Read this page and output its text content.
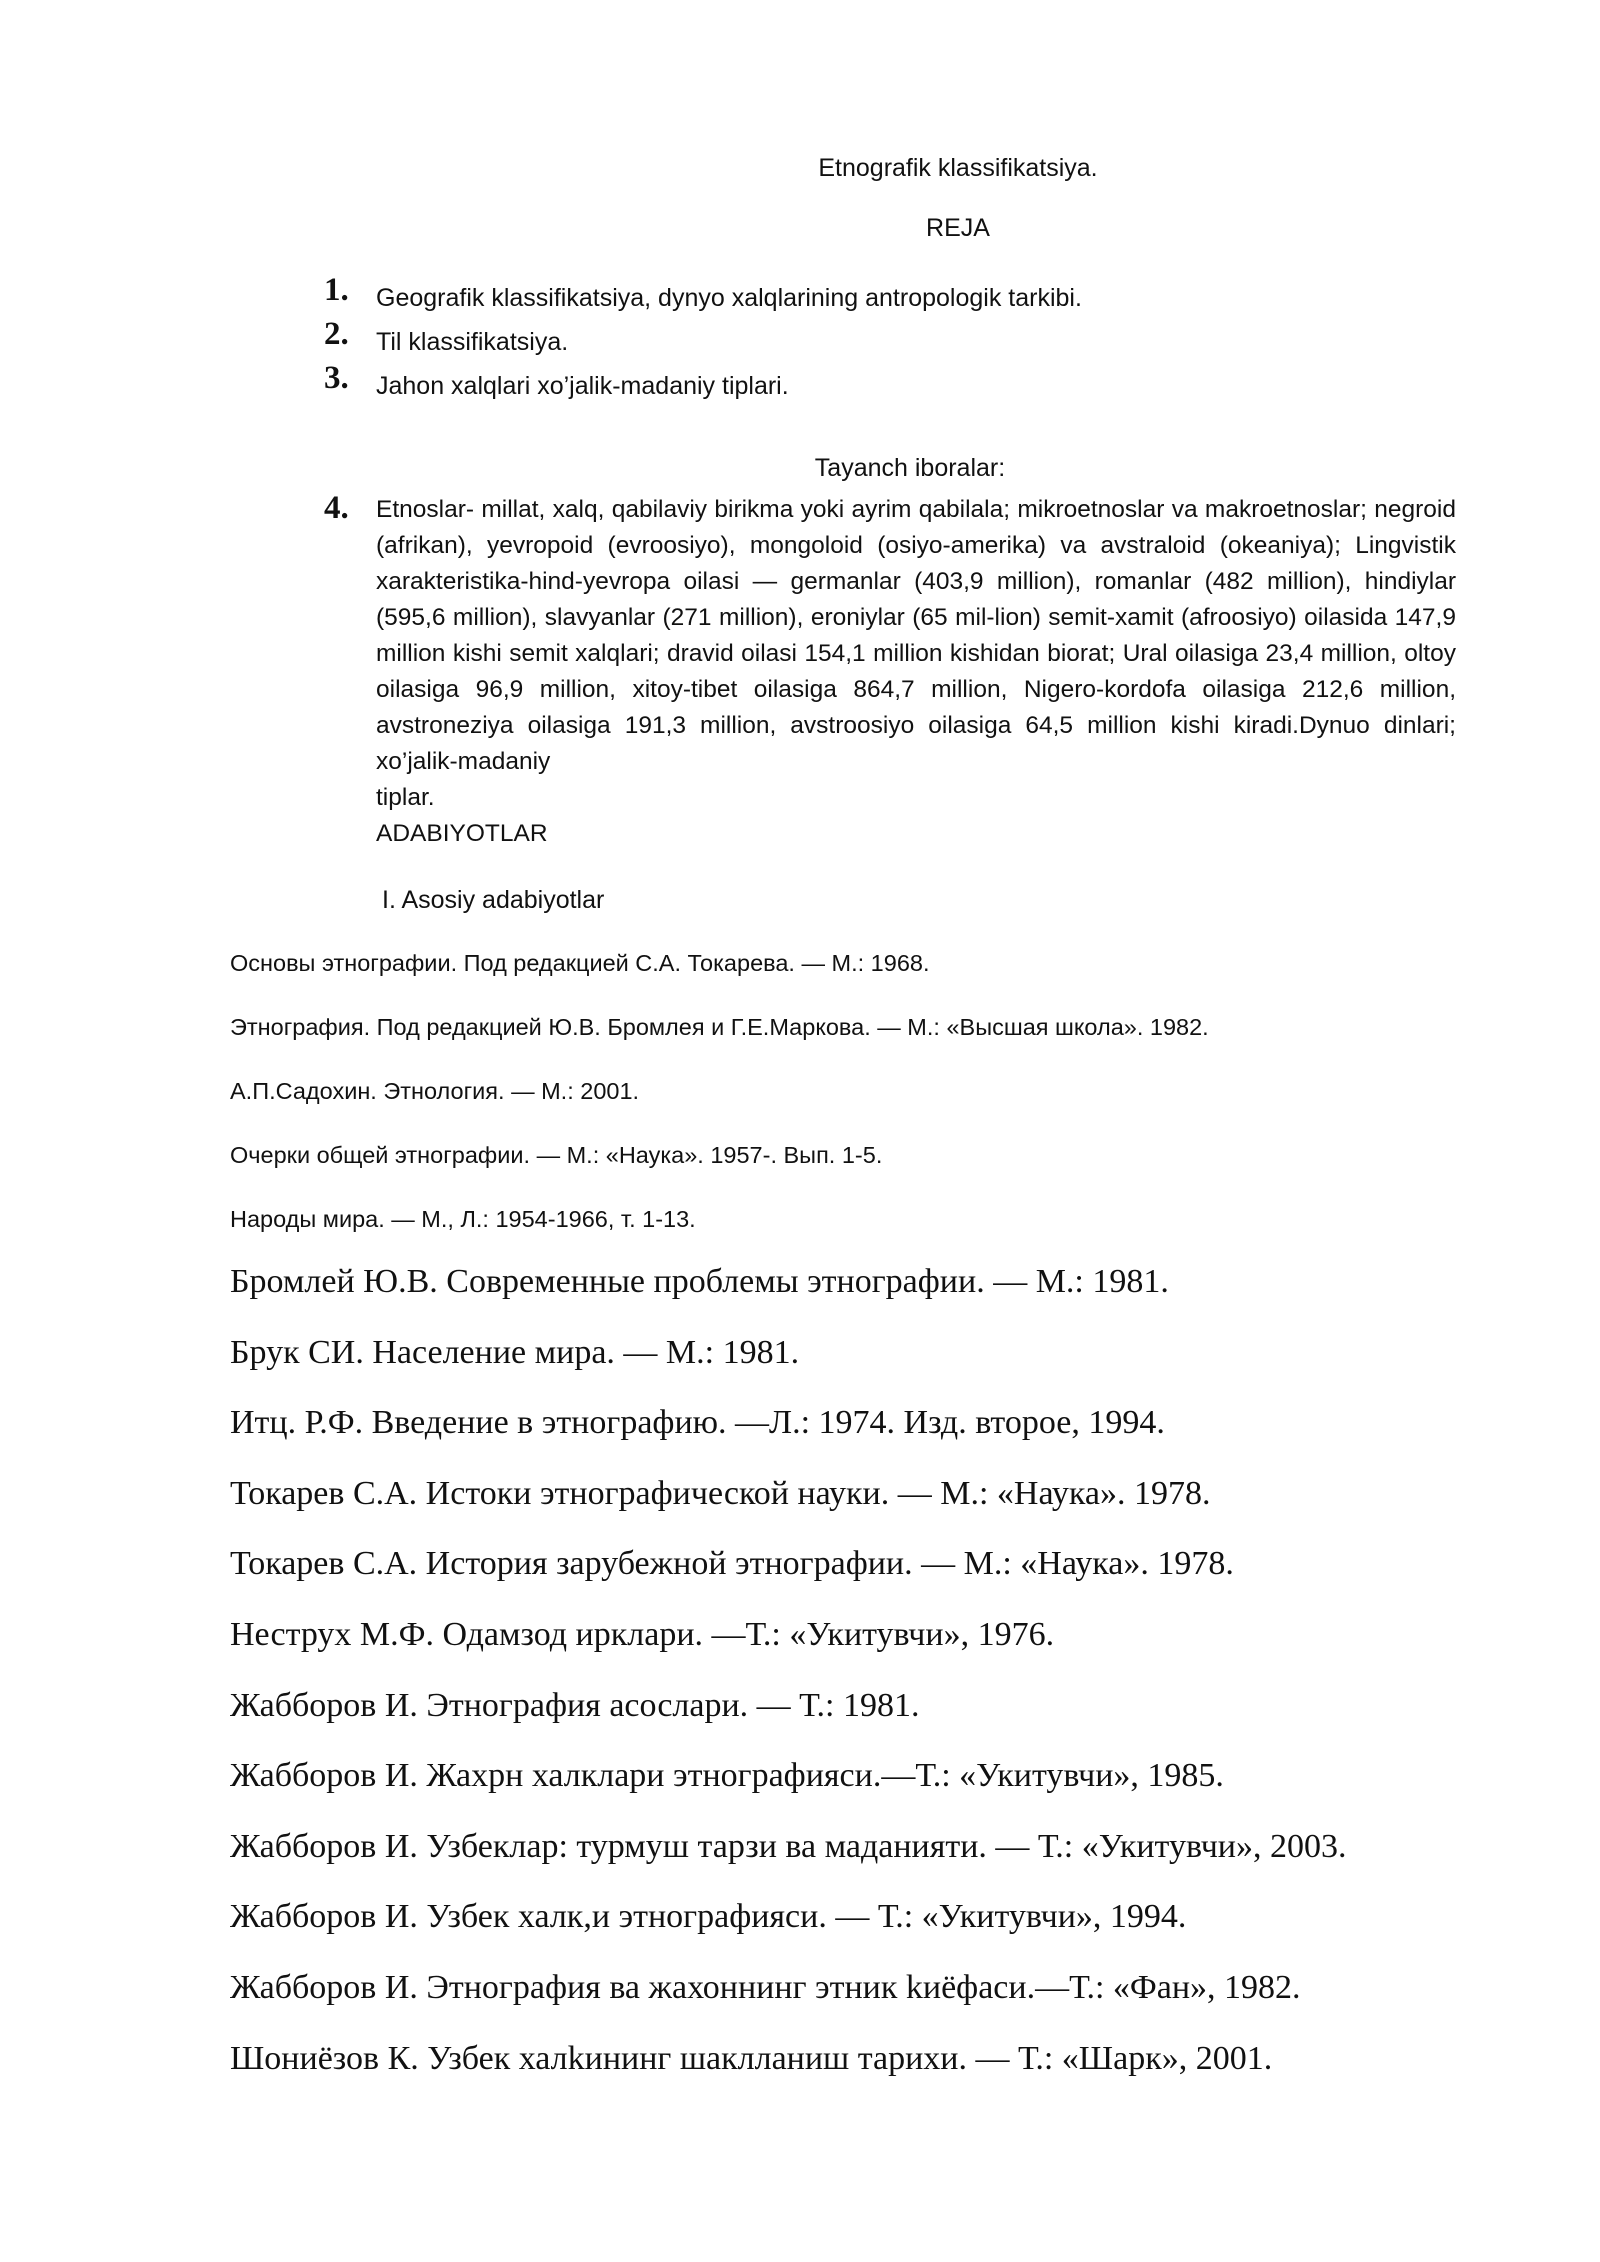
Etnografik klassifikatsiya.
REJA
1.	Geografik klassifikatsiya, dynyo xalqlarining antropologik tarkibi.
2.	Til klassifikatsiya.
3.	Jahon xalqlari xo’jalik-madaniy tiplari.
Tayanch iboralar:
4.	Etnoslar- millat, xalq, qabilaviy birikma yoki ayrim qabilala; mikroetnoslar va makroetnoslar; negroid (afrikan), yevropoid (evroosiyo), mongoloid (osiyo-amerika) va avstraloid (okeaniya); Lingvistik xarakteristika-hind-yevropa oilasi — germanlar (403,9 million), romanlar (482 million), hindiylar (595,6 million), slavyanlar (271 million), eroniylar (65 mil-lion) semit-xamit (afroosiyo) oilasida 147,9 million kishi semit xalqlari; dravid oilasi 154,1 million kishidan biorat; Ural oilasiga 23,4 million, oltoy oilasiga 96,9 million, xitoy-tibet oilasiga 864,7 million, Nigero-kordofa oilasiga 212,6 million, avstroneziya oilasiga 191,3 million, avstroosiyo oilasiga 64,5 million kishi kiradi.Dynuo dinlari; xo’jalik-madaniy
tiplar.
ADABIYOTLAR
I. Asosiy adabiyotlar
Основы этнографии. Под редакцией С.А. Токарева. — М.: 1968.
Этнография. Под редакцией Ю.В. Бромлея и Г.Е.Маркова. — М.: «Высшая школа». 1982.
А.П.Садохин. Этнология. — М.: 2001.
Очерки общей этнографии. — М.: «Наука». 1957-. Вып. 1-5.
Народы мира. — М., Л.: 1954-1966, т. 1-13.
Бромлей Ю.В. Современные проблемы этнографии. — М.: 1981.
Брук СИ. Население мира. — М.: 1981.
Итц. Р.Ф. Введение в этнографию. —Л.: 1974. Изд. второе, 1994.
Токарев С.А. Истоки этнографической науки. — М.: «Наука». 1978.
Токарев С.А. История зарубежной этнографии. — М.: «Наука». 1978.
Неструх М.Ф. Одамзод ирклари. —Т.: «Укитувчи», 1976.
Жабборов И. Этнография асослари. — Т.: 1981.
Жабборов И. Жахрн халклари этнографияси.—Т.: «Укитувчи», 1985.
Жабборов И. Узбеклар: турмуш тарзи ва маданияти. — Т.: «Укитувчи», 2003.
Жабборов И. Узбек халк,и этнографияси. — Т.: «Укитувчи», 1994.
Жабборов И. Этнография ва жахоннинг этник kиёфаси.—Т.: «Фан», 1982.
Шониёзов К. Узбек халkининг шаклланиш тарихи. — Т.: «Шарк», 2001.
